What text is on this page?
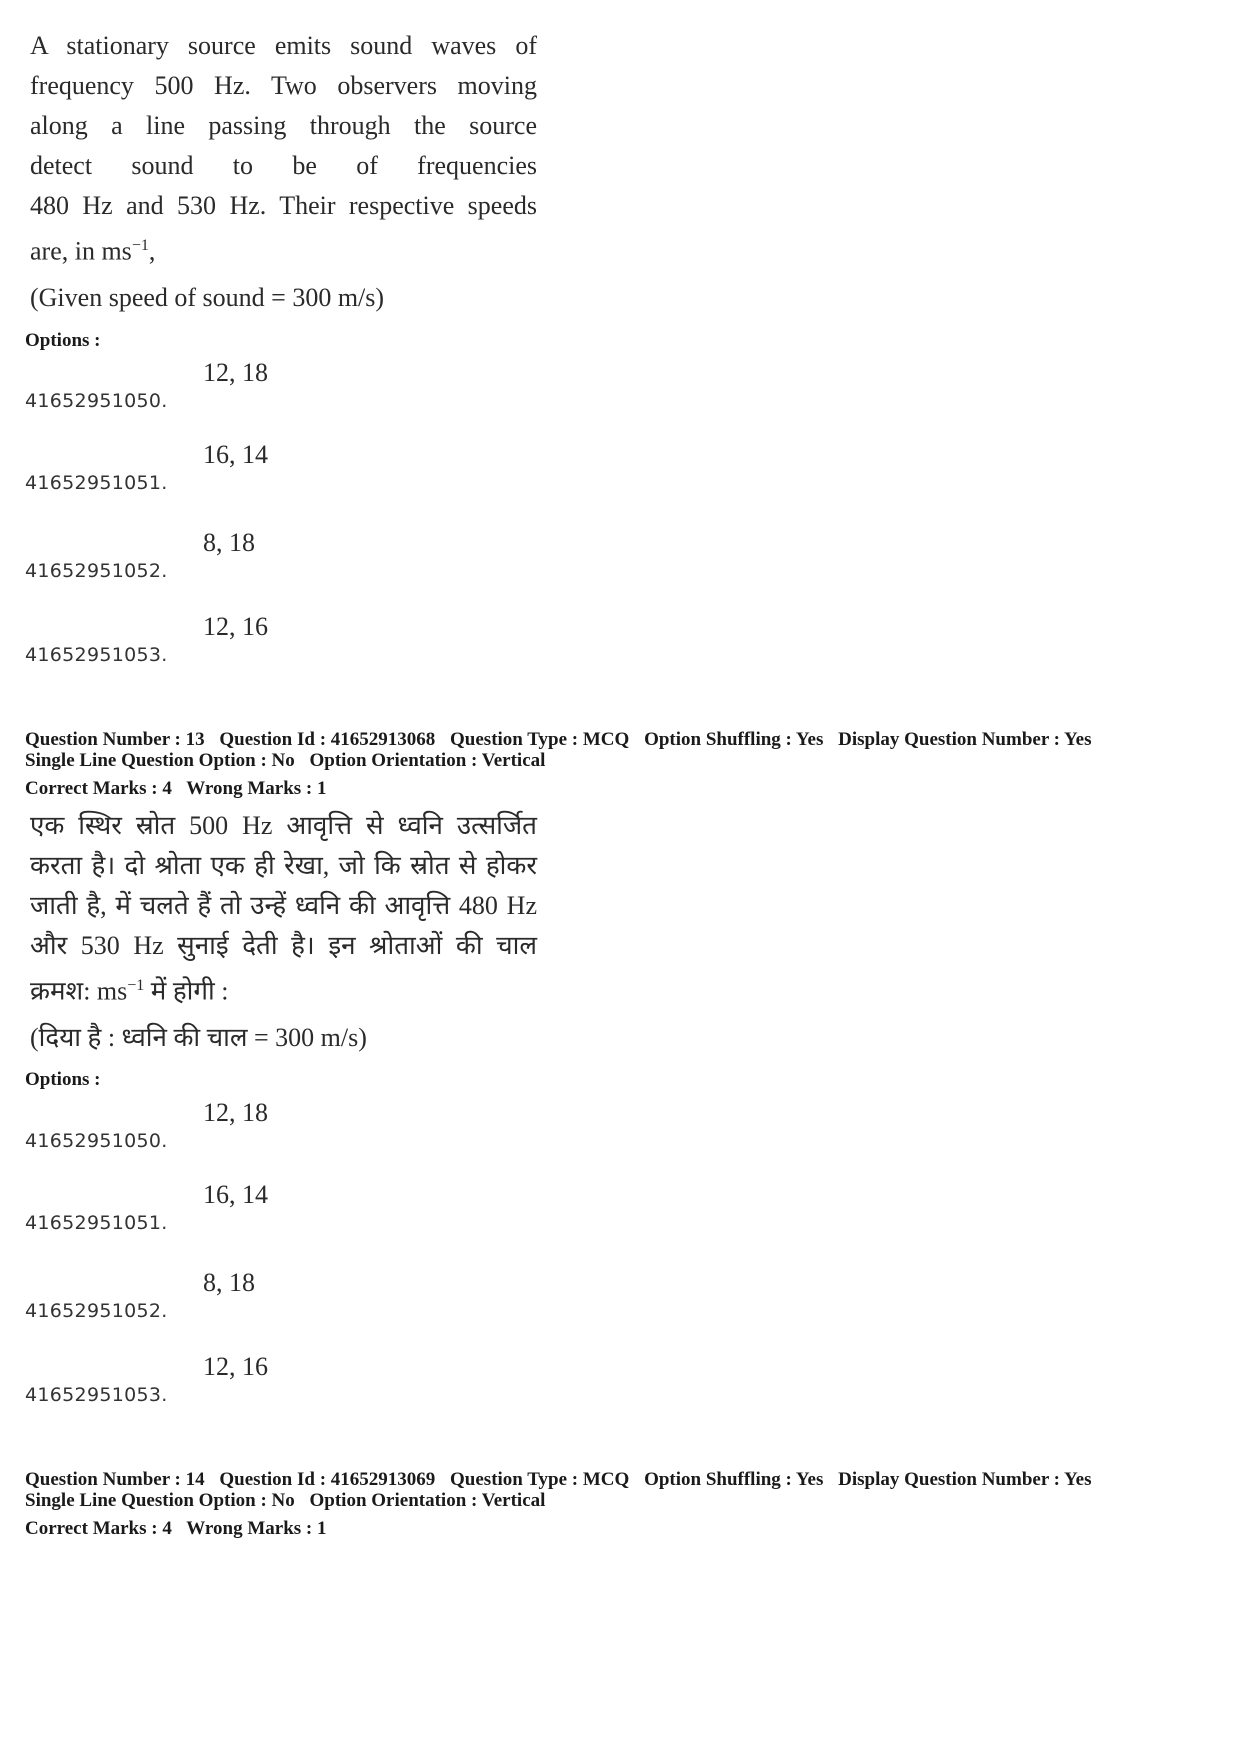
A stationary source emits sound waves of
frequency 500 Hz. Two observers moving
along a line passing through the source
detect sound to be of frequencies
480 Hz and 530 Hz. Their respective speeds
are, in $ms^{-1}$,
(Given speed of sound = 300 m/s)
Options :
41652951050.
12, 18
41652951051.
16, 14
41652951052.
8, 18
41652951053.
12, 16
Question Number : 13 Question Id : 41652913068 Question Type : MCQ Option Shuffling : Yes Display Question Number : Yes
Single Line Question Option : No Option Orientation : Vertical
Correct Marks : 4 Wrong Marks : 1
एक स्थिर स्रोत 500 Hz आवृत्ति से ध्वनि उत्सर्जित
करता है। दो श्रोता एक ही रेखा, जो कि स्रोत से होकर
जाती है, में चलते हैं तो उन्हें ध्वनि की आवृत्ति 480 Hz
और 530 Hz सुनाई देती है। इन श्रोताओं की चाल
क्रमश: $ms^{-1}$ में होगी :
(दिया है : ध्वनि की चाल = 300 m/s)
Options :
41652951050.
12, 18
41652951051.
16, 14
41652951052.
8, 18
41652951053.
12, 16
Question Number : 14 Question Id : 41652913069 Question Type : MCQ Option Shuffling : Yes Display Question Number : Yes
Single Line Question Option : No Option Orientation : Vertical
Correct Marks : 4 Wrong Marks : 1
